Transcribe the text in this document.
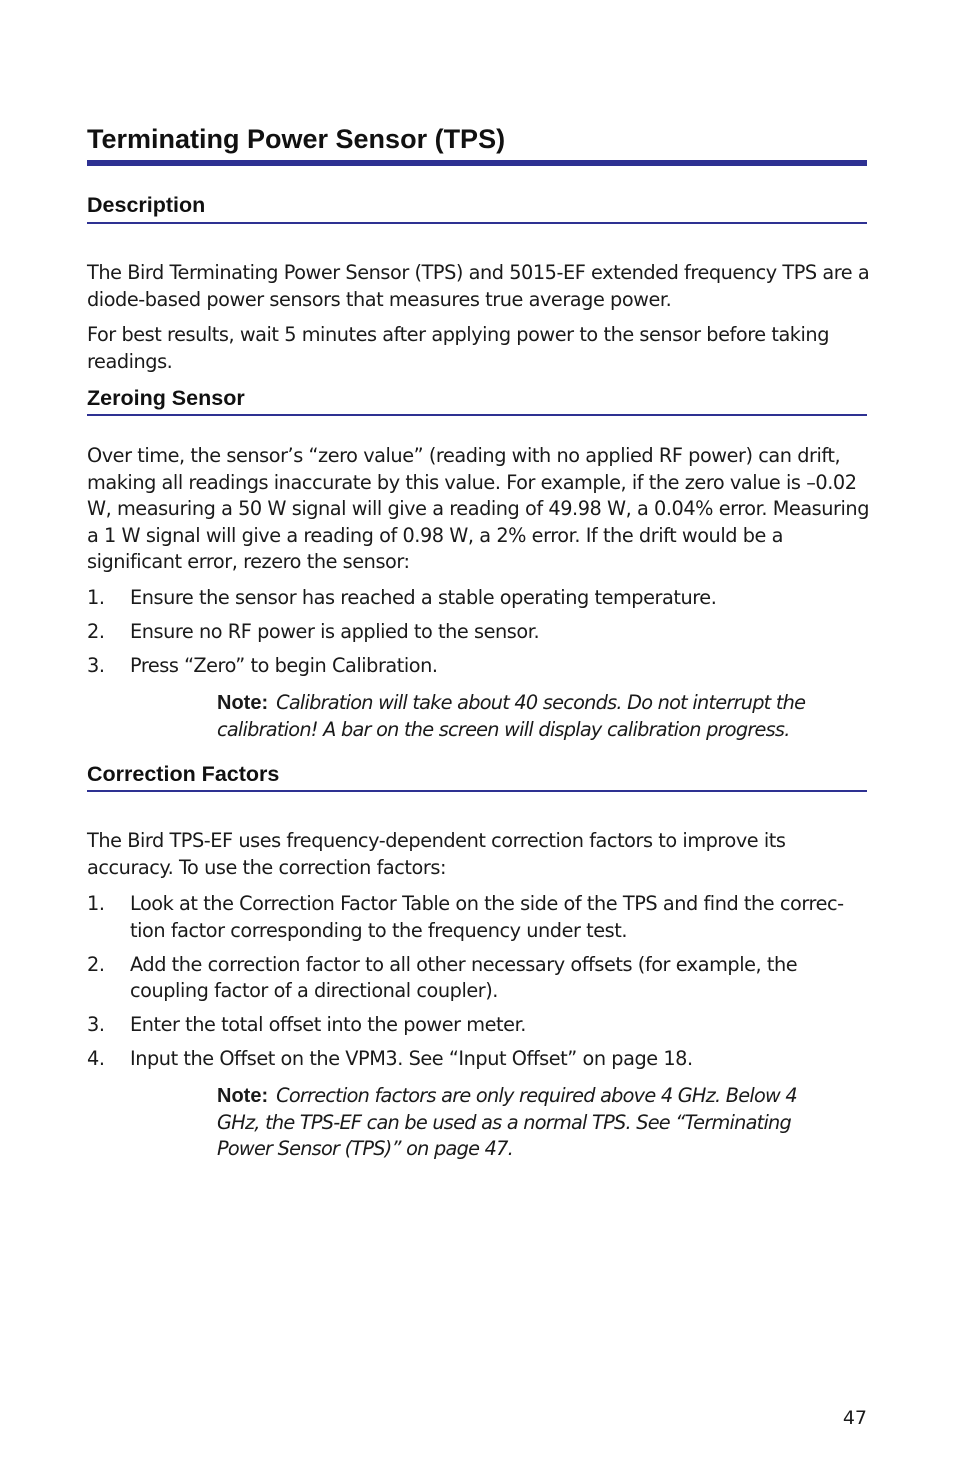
Terminating Power Sensor (TPS)
Description

The Bird Terminating Power Sensor (TPS) and 5015-EF extended frequency TPS are a diode-based power sensors that measures true average power.

For best results, wait 5 minutes after applying power to the sensor before taking readings.

Zeroing Sensor

Over time, the sensor’s “zero value” (reading with no applied RF power) can drift, making all readings inaccurate by this value. For example, if the zero value is –0.02 W, measuring a 50 W signal will give a reading of 49.98 W, a 0.04% error. Measuring a 1 W signal will give a reading of 0.98 W, a 2% error. If the drift would be a significant error, rezero the sensor:

1. Ensure the sensor has reached a stable operating temperature.
2. Ensure no RF power is applied to the sensor.
3. Press “Zero” to begin Calibration.

Note: Calibration will take about 40 seconds. Do not interrupt the calibration! A bar on the screen will display calibration progress.

Correction Factors

The Bird TPS-EF uses frequency-dependent correction factors to improve its accuracy. To use the correction factors:

1. Look at the Correction Factor Table on the side of the TPS and find the correc-tion factor corresponding to the frequency under test.
2. Add the correction factor to all other necessary offsets (for example, the coupling factor of a directional coupler).
3. Enter the total offset into the power meter.
4. Input the Offset on the VPM3. See “Input Offset” on page 18.

Note: Correction factors are only required above 4 GHz. Below 4 GHz, the TPS-EF can be used as a normal TPS. See “Terminating Power Sensor (TPS)” on page 47.

47
